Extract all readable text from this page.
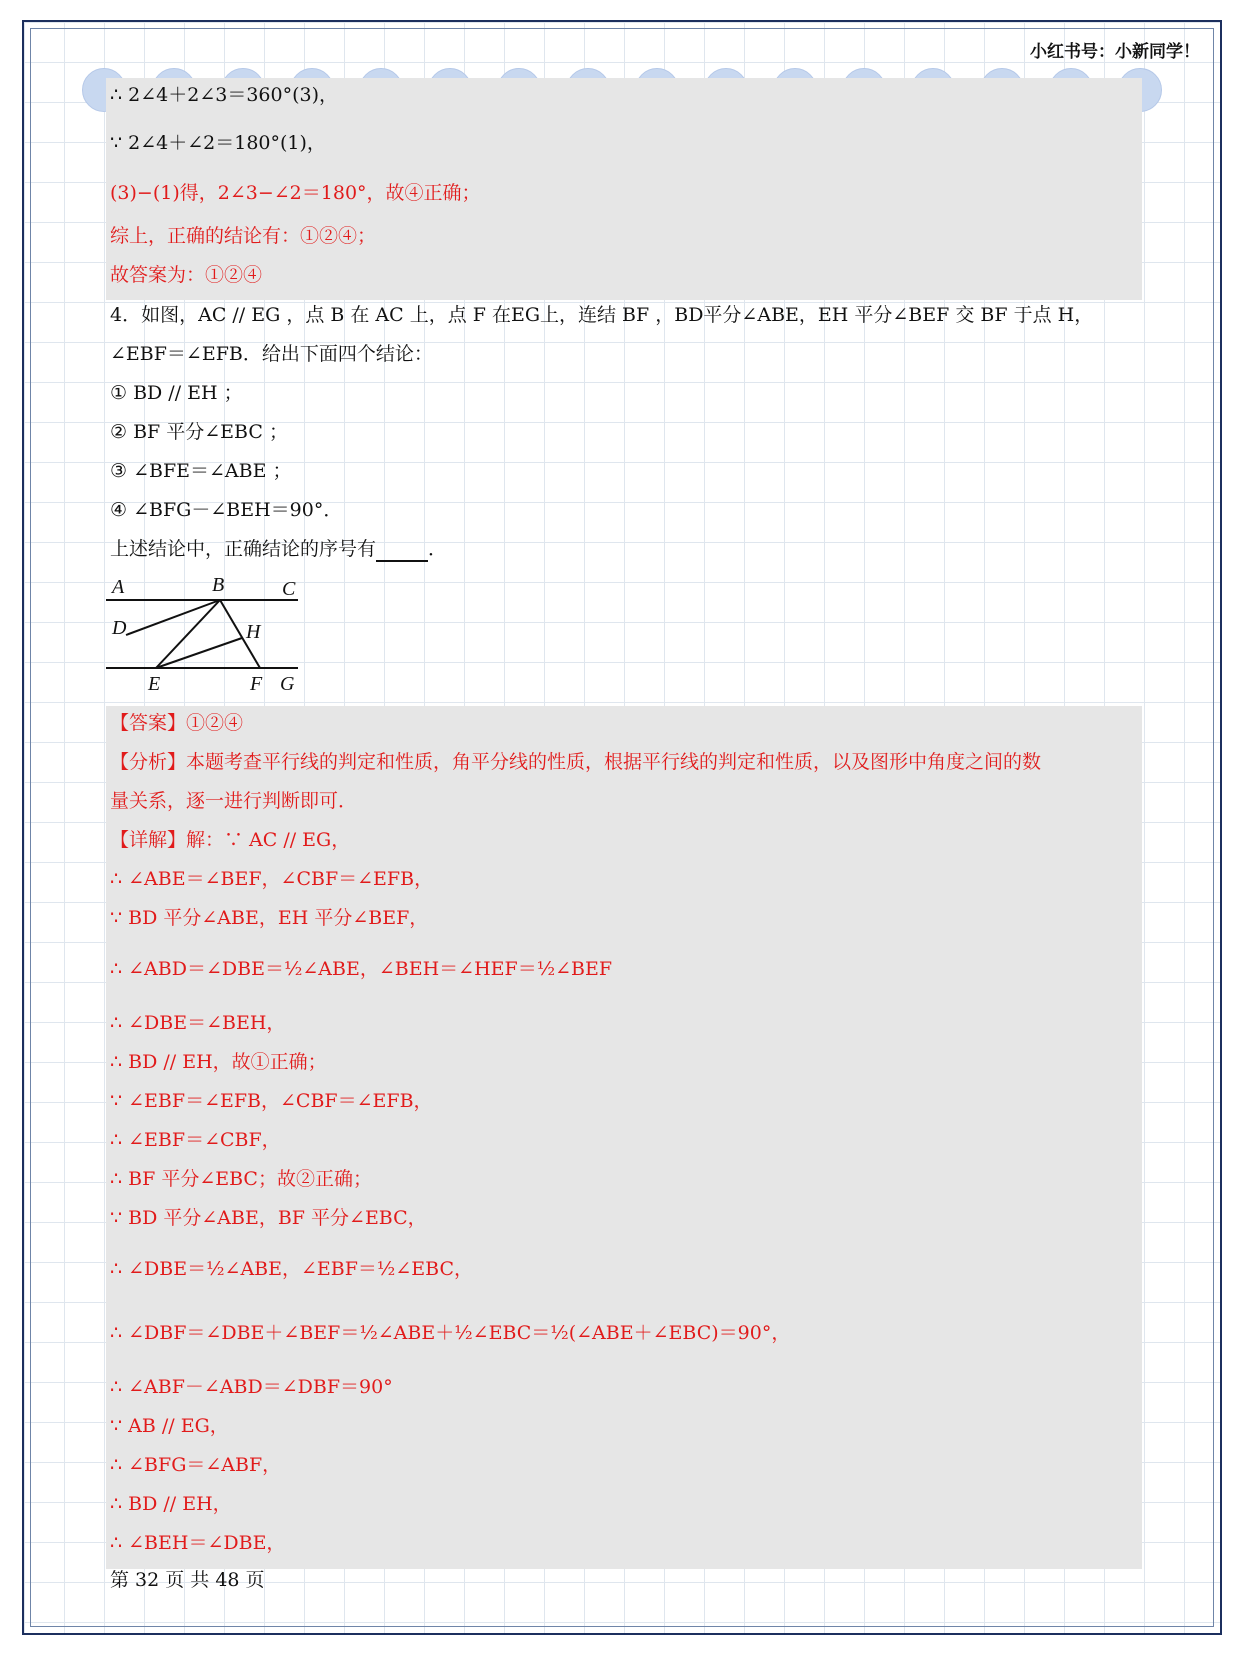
小红书号：小新同学！
∴ 2∠4＋2∠3＝360°(3)，
∵ 2∠4＋∠2＝180°(1)，
(3)−(1)得，2∠3−∠2＝180°，故④正确；
综上，正确的结论有：①②④；
故答案为：①②④
4．如图，AC // EG ，点 B 在 AC 上，点 F 在EG上，连结 BF ，BD平分∠ABE，EH 平分∠BEF 交 BF 于点 H，
∠EBF＝∠EFB．给出下面四个结论：
① BD // EH ；
② BF 平分∠EBC ；
③ ∠BFE＝∠ABE ；
④ ∠BFG－∠BEH＝90°．
上述结论中，正确结论的序号有	．
A	B	C
D	H
E	F G
【答案】①②④
【分析】本题考查平行线的判定和性质，角平分线的性质，根据平行线的判定和性质，以及图形中角度之间的数
量关系，逐一进行判断即可．
【详解】解：∵ AC // EG，
∴ ∠ABE＝∠BEF，∠CBF＝∠EFB，
∵ BD 平分∠ABE，EH 平分∠BEF，
∴ ∠ABD＝∠DBE＝½∠ABE，∠BEH＝∠HEF＝½∠BEF
∴ ∠DBE＝∠BEH，
∴ BD // EH，故①正确；
∵ ∠EBF＝∠EFB，∠CBF＝∠EFB，
∴ ∠EBF＝∠CBF，
∴ BF 平分∠EBC；故②正确；
∵ BD 平分∠ABE，BF 平分∠EBC，
∴ ∠DBE＝½∠ABE，∠EBF＝½∠EBC，
∴ ∠DBF＝∠DBE＋∠BEF＝½∠ABE＋½∠EBC＝½(∠ABE＋∠EBC)＝90°，
∴ ∠ABF－∠ABD＝∠DBF＝90°
∵ AB // EG，
∴ ∠BFG＝∠ABF，
∴ BD // EH，
∴ ∠BEH＝∠DBE，
第 32 页 共 48 页
